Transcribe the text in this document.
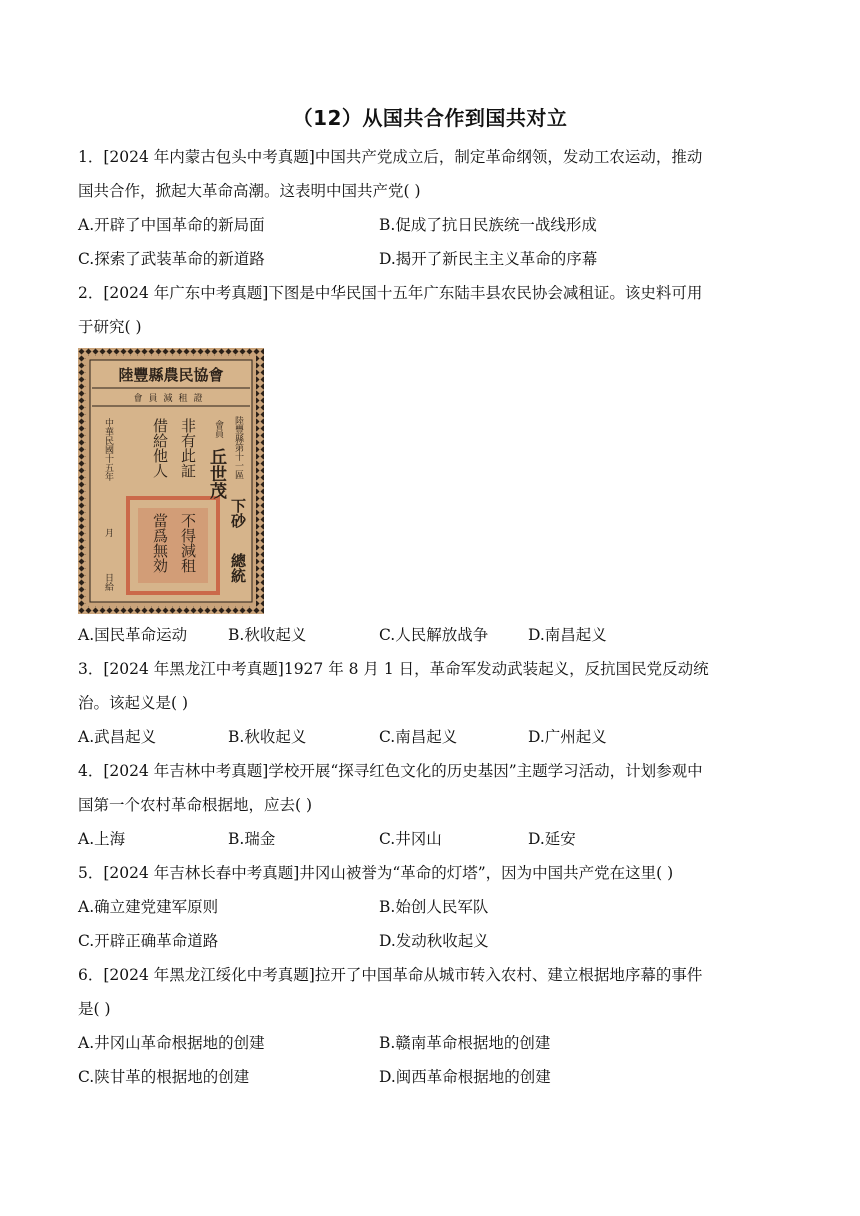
（12）从国共合作到国共对立
1．[2024 年内蒙古包头中考真题]中国共产党成立后，制定革命纲领，发动工农运动，推动
国共合作，掀起大革命高潮。这表明中国共产党( )
A.开辟了中国革命的新局面	B.促成了抗日民族统一战线形成
C.探索了武装革命的新道路	D.揭开了新民主主义革命的序幕
2．[2024 年广东中考真题]下图是中华民国十五年广东陆丰县农民协会减租证。该史料可用
于研究( )
陸豐縣農民協會
會員減租證
陸豐縣第十一區
會員
丘世茂
下砂
總統
非有此証
借給他人
不得減租
當爲無効
中華民國十五年
月
日給
A.国民革命运动	B.秋收起义	C.人民解放战争	D.南昌起义
3．[2024 年黑龙江中考真题]1927 年 8 月 1 日，革命军发动武装起义，反抗国民党反动统
治。该起义是( )
A.武昌起义	B.秋收起义	C.南昌起义	D.广州起义
4．[2024 年吉林中考真题]学校开展“探寻红色文化的历史基因”主题学习活动，计划参观中
国第一个农村革命根据地，应去( )
A.上海	B.瑞金	C.井冈山	D.延安
5．[2024 年吉林长春中考真题]井冈山被誉为“革命的灯塔”，因为中国共产党在这里( )
A.确立建党建军原则	B.始创人民军队
C.开辟正确革命道路	D.发动秋收起义
6．[2024 年黑龙江绥化中考真题]拉开了中国革命从城市转入农村、建立根据地序幕的事件
是( )
A.井冈山革命根据地的创建	B.赣南革命根据地的创建
C.陕甘革的根据地的创建	D.闽西革命根据地的创建
